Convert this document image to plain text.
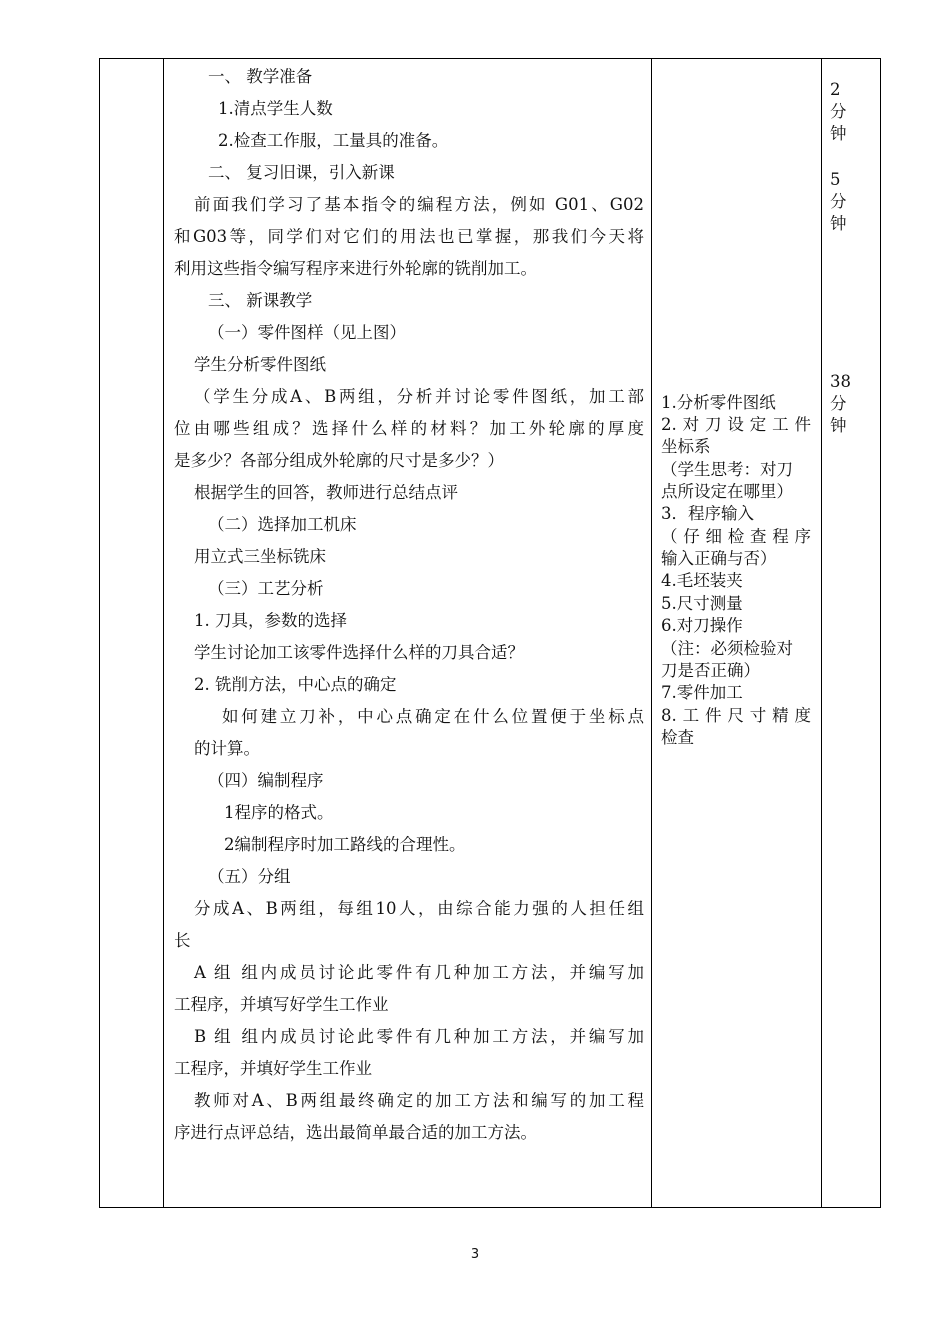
一、 教学准备
1.清点学生人数
2.检查工作服，工量具的准备。
二、 复习旧课，引入新课
前面我们学习了基本指令的编程方法，例如 G01、G02
和G03等，同学们对它们的用法也已掌握，那我们今天将
利用这些指令编写程序来进行外轮廓的铣削加工。
三、 新课教学
（一）零件图样（见上图）
学生分析零件图纸
（学生分成A、B两组，分析并讨论零件图纸，加工部
位由哪些组成？选择什么样的材料？加工外轮廓的厚度
是多少？各部分组成外轮廓的尺寸是多少？）
根据学生的回答，教师进行总结点评
（二）选择加工机床
用立式三坐标铣床
（三）工艺分析
1. 刀具，参数的选择
学生讨论加工该零件选择什么样的刀具合适？
2. 铣削方法，中心点的确定
如何建立刀补，中心点确定在什么位置便于坐标点
的计算。
（四）编制程序
1程序的格式。
2编制程序时加工路线的合理性。
（五）分组
分成A、B两组，每组10人，由综合能力强的人担任组
长
A 组 组内成员讨论此零件有几种加工方法，并编写加
工程序，并填写好学生工作业
B 组 组内成员讨论此零件有几种加工方法，并编写加
工程序，并填好学生工作业
教师对A、B两组最终确定的加工方法和编写的加工程
序进行点评总结，选出最简单最合适的加工方法。
1.分析零件图纸
2.对刀设定工件
坐标系
（学生思考：对刀
点所设定在哪里）
3．程序输入
（仔细检查程序
输入正确与否）
4.毛坯装夹
5.尺寸测量
6.对刀操作
（注：必须检验对
刀是否正确）
7.零件加工
8.工件尺寸精度
检查
2
分
钟
5
分
钟
38
分
钟
3
